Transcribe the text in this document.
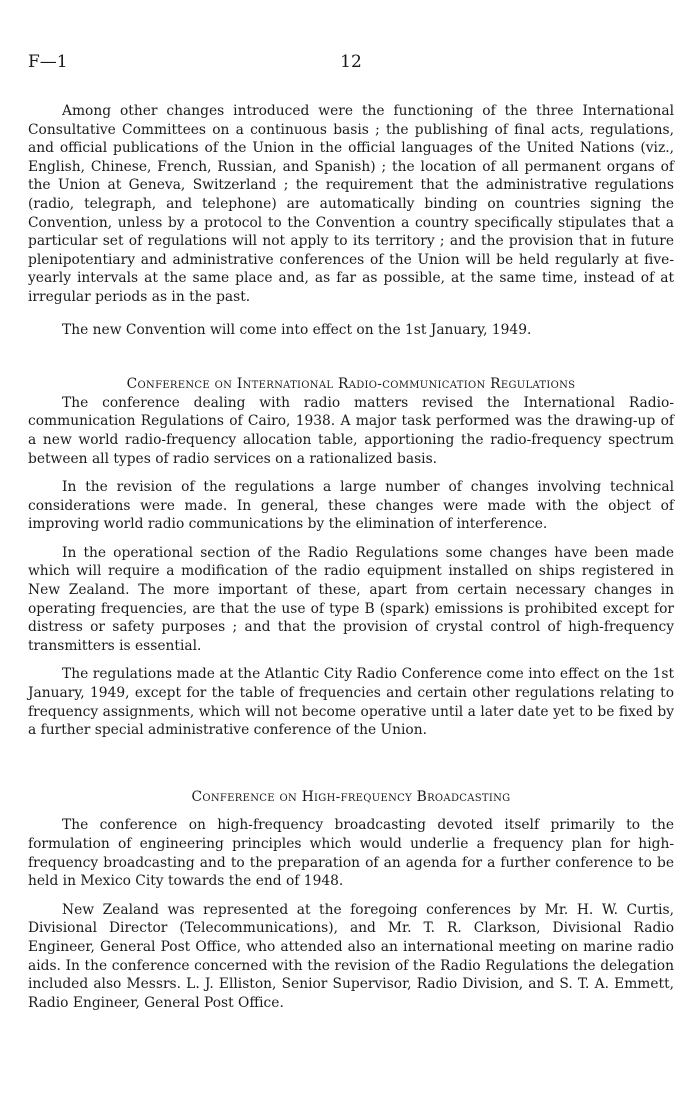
F—1	12

Among other changes introduced were the functioning of the three International Consultative Committees on a continuous basis ; the publishing of final acts, regulations, and official publications of the Union in the official languages of the United Nations (viz., English, Chinese, French, Russian, and Spanish) ; the location of all permanent organs of the Union at Geneva, Switzerland ; the requirement that the administrative regulations (radio, telegraph, and telephone) are automatically binding on countries signing the Convention, unless by a protocol to the Convention a country specifically stipulates that a particular set of regulations will not apply to its territory ; and the provision that in future plenipotentiary and administrative conferences of the Union will be held regularly at five-yearly intervals at the same place and, as far as possible, at the same time, instead of at irregular periods as in the past.

The new Convention will come into effect on the 1st January, 1949.

Conference on International Radio-communication Regulations

The conference dealing with radio matters revised the International Radio-communication Regulations of Cairo, 1938. A major task performed was the drawing-up of a new world radio-frequency allocation table, apportioning the radio-frequency spectrum between all types of radio services on a rationalized basis.

In the revision of the regulations a large number of changes involving technical considerations were made. In general, these changes were made with the object of improving world radio communications by the elimination of interference.

In the operational section of the Radio Regulations some changes have been made which will require a modification of the radio equipment installed on ships registered in New Zealand. The more important of these, apart from certain necessary changes in operating frequencies, are that the use of type B (spark) emissions is prohibited except for distress or safety purposes ; and that the provision of crystal control of high-frequency transmitters is essential.

The regulations made at the Atlantic City Radio Conference come into effect on the 1st January, 1949, except for the table of frequencies and certain other regulations relating to frequency assignments, which will not become operative until a later date yet to be fixed by a further special administrative conference of the Union.

Conference on High-frequency Broadcasting

The conference on high-frequency broadcasting devoted itself primarily to the formulation of engineering principles which would underlie a frequency plan for high-frequency broadcasting and to the preparation of an agenda for a further conference to be held in Mexico City towards the end of 1948.

New Zealand was represented at the foregoing conferences by Mr. H. W. Curtis, Divisional Director (Telecommunications), and Mr. T. R. Clarkson, Divisional Radio Engineer, General Post Office, who attended also an international meeting on marine radio aids. In the conference concerned with the revision of the Radio Regulations the delegation included also Messrs. L. J. Elliston, Senior Supervisor, Radio Division, and S. T. A. Emmett, Radio Engineer, General Post Office.
